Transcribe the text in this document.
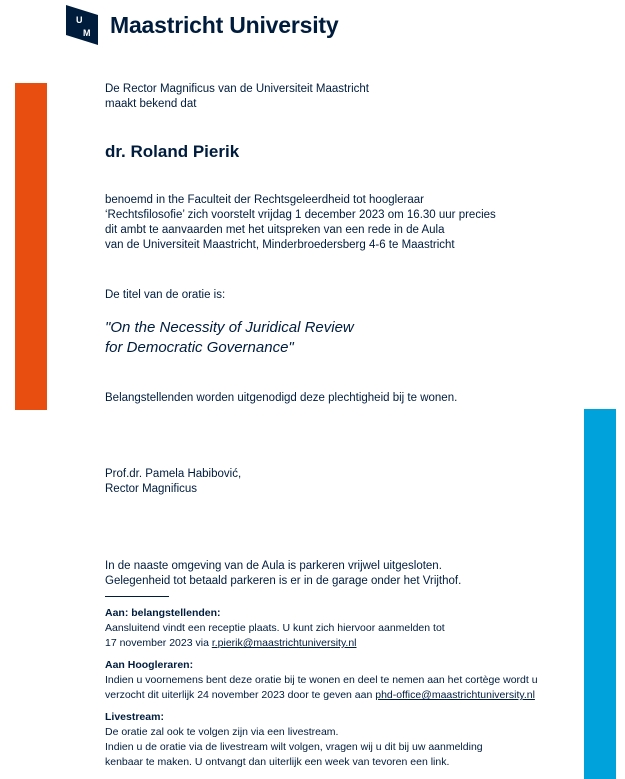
U
M Maastricht University
De Rector Magnificus van de Universiteit Maastricht
maakt bekend dat
dr. Roland Pierik
benoemd in the Faculteit der Rechtsgeleerdheid tot hoogleraar
‘Rechtsfilosofie’ zich voorstelt vrijdag 1 december 2023 om 16.30 uur precies
dit ambt te aanvaarden met het uitspreken van een rede in de Aula
van de Universiteit Maastricht, Minderbroedersberg 4-6 te Maastricht
De titel van de oratie is:
"On the Necessity of Juridical Review
for Democratic Governance"
Belangstellenden worden uitgenodigd deze plechtigheid bij te wonen.
Prof.dr. Pamela Habibović,
Rector Magnificus
In de naaste omgeving van de Aula is parkeren vrijwel uitgesloten.
Gelegenheid tot betaald parkeren is er in de garage onder het Vrijthof.
Aan: belangstellenden:
Aansluitend vindt een receptie plaats. U kunt zich hiervoor aanmelden tot
17 november 2023 via r.pierik@maastrichtuniversity.nl
Aan Hoogleraren:
Indien u voornemens bent deze oratie bij te wonen en deel te nemen aan het cortège wordt u
verzocht dit uiterlijk 24 november 2023 door te geven aan phd-office@maastrichtuniversity.nl
Livestream:
De oratie zal ook te volgen zijn via een livestream.
Indien u de oratie via de livestream wilt volgen, vragen wij u dit bij uw aanmelding
kenbaar te maken. U ontvangt dan uiterlijk een week van tevoren een link.
